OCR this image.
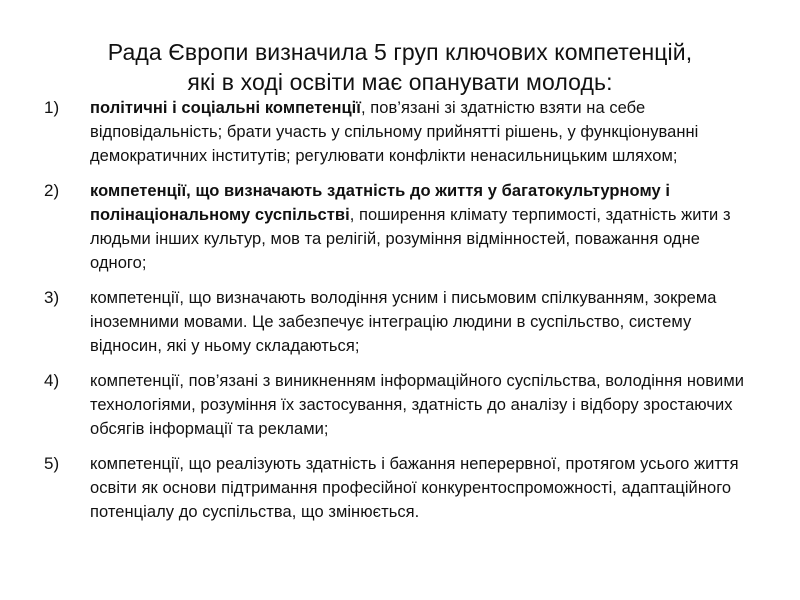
Рада Європи визначила 5 груп ключових компетенцій,
які в ході освіти має опанувати молодь:
1)	політичні і соціальні компетенції, пов’язані зі здатністю взяти на себе відповідальність; брати участь у спільному прийнятті рішень, у функціонуванні демократичних інститутів; регулювати конфлікти ненасильницьким шляхом;
2)	компетенції, що визначають здатність до життя у багатокультурному і полінаціональному суспільстві, поширення клімату терпимості, здатність жити з людьми інших культур, мов та релігій, розуміння відмінностей, поважання одне одного;
3)	компетенції, що визначають володіння усним і письмовим спілкуванням, зокрема іноземними мовами. Це забезпечує інтеграцію людини в суспільство, систему відносин, які у ньому складаються;
4)	компетенції, пов’язані з виникненням інформаційного суспільства, володіння новими технологіями, розуміння їх застосування, здатність до аналізу і відбору зростаючих обсягів інформації та реклами;
5)	компетенції, що реалізують здатність і бажання неперервної, протягом усього життя освіти як основи підтримання професійної конкурентоспроможності, адаптаційного потенціалу до суспільства, що змінюється.
